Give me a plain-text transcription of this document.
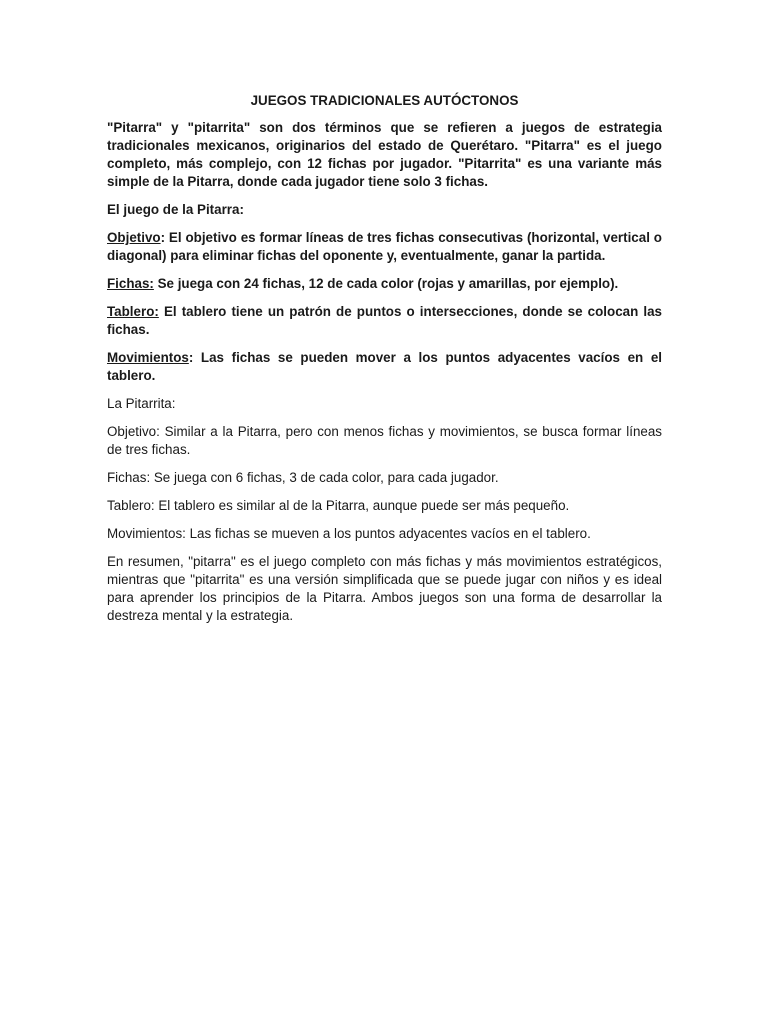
JUEGOS TRADICIONALES AUTÓCTONOS

"Pitarra" y "pitarrita" son dos términos que se refieren a juegos de estrategia tradicionales mexicanos, originarios del estado de Querétaro. "Pitarra" es el juego completo, más complejo, con 12 fichas por jugador. "Pitarrita" es una variante más simple de la Pitarra, donde cada jugador tiene solo 3 fichas.

El juego de la Pitarra:

Objetivo: El objetivo es formar líneas de tres fichas consecutivas (horizontal, vertical o diagonal) para eliminar fichas del oponente y, eventualmente, ganar la partida.

Fichas: Se juega con 24 fichas, 12 de cada color (rojas y amarillas, por ejemplo).

Tablero: El tablero tiene un patrón de puntos o intersecciones, donde se colocan las fichas.

Movimientos: Las fichas se pueden mover a los puntos adyacentes vacíos en el tablero.

La Pitarrita:

Objetivo: Similar a la Pitarra, pero con menos fichas y movimientos, se busca formar líneas de tres fichas.

Fichas: Se juega con 6 fichas, 3 de cada color, para cada jugador.

Tablero: El tablero es similar al de la Pitarra, aunque puede ser más pequeño.

Movimientos: Las fichas se mueven a los puntos adyacentes vacíos en el tablero.

En resumen, "pitarra" es el juego completo con más fichas y más movimientos estratégicos, mientras que "pitarrita" es una versión simplificada que se puede jugar con niños y es ideal para aprender los principios de la Pitarra. Ambos juegos son una forma de desarrollar la destreza mental y la estrategia.
